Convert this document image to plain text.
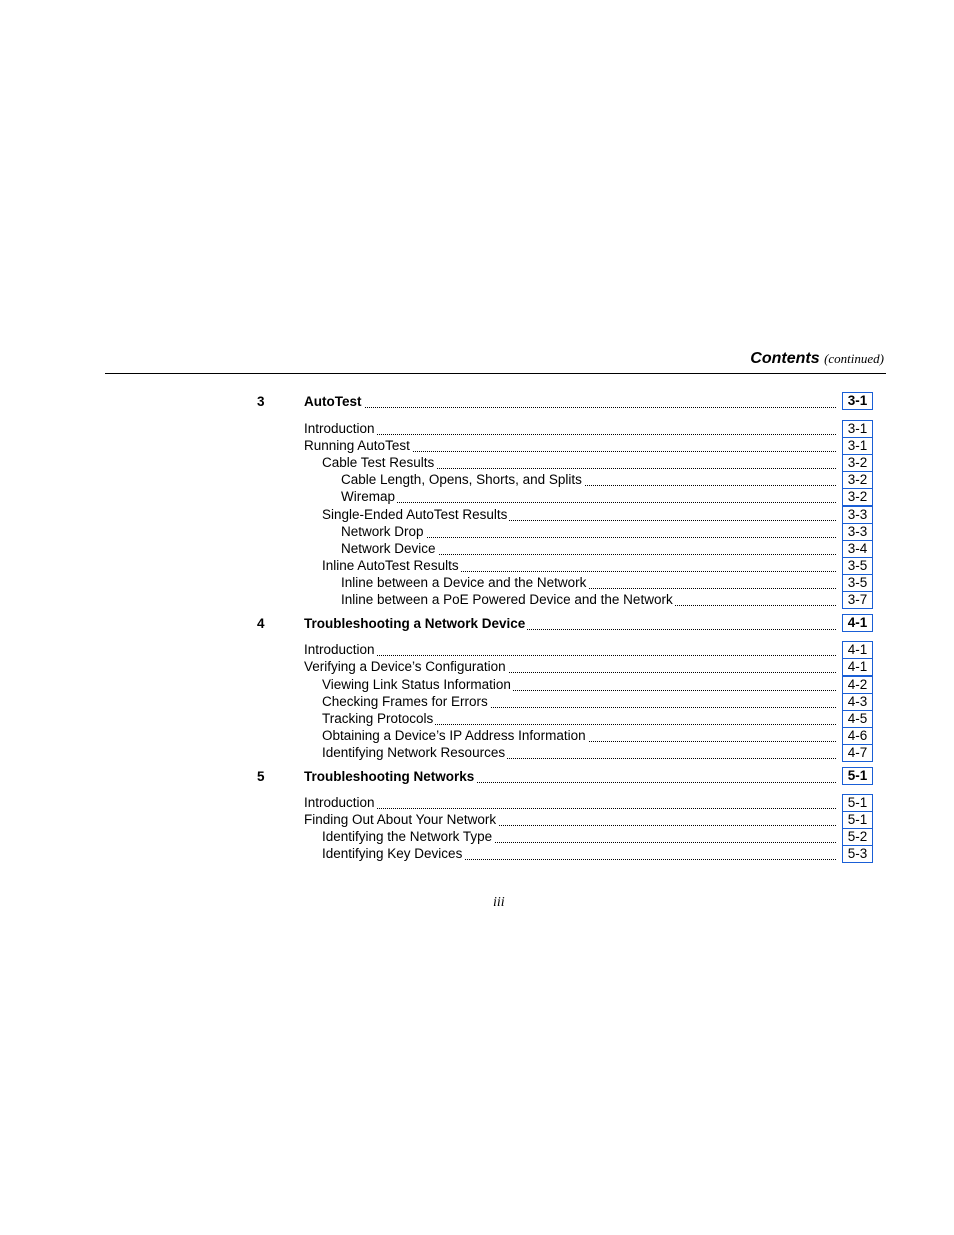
Contents (continued)
3	AutoTest	3-1
Introduction	3-1
Running AutoTest	3-1
Cable Test Results	3-2
Cable Length, Opens, Shorts, and Splits	3-2
Wiremap	3-2
Single-Ended AutoTest Results	3-3
Network Drop	3-3
Network Device	3-4
Inline AutoTest Results	3-5
Inline between a Device and the Network	3-5
Inline between a PoE Powered Device and the Network	3-7
4	Troubleshooting a Network Device	4-1
Introduction	4-1
Verifying a Device’s Configuration	4-1
Viewing Link Status Information	4-2
Checking Frames for Errors	4-3
Tracking Protocols	4-5
Obtaining a Device’s IP Address Information	4-6
Identifying Network Resources	4-7
5	Troubleshooting Networks	5-1
Introduction	5-1
Finding Out About Your Network	5-1
Identifying the Network Type	5-2
Identifying Key Devices	5-3
iii
